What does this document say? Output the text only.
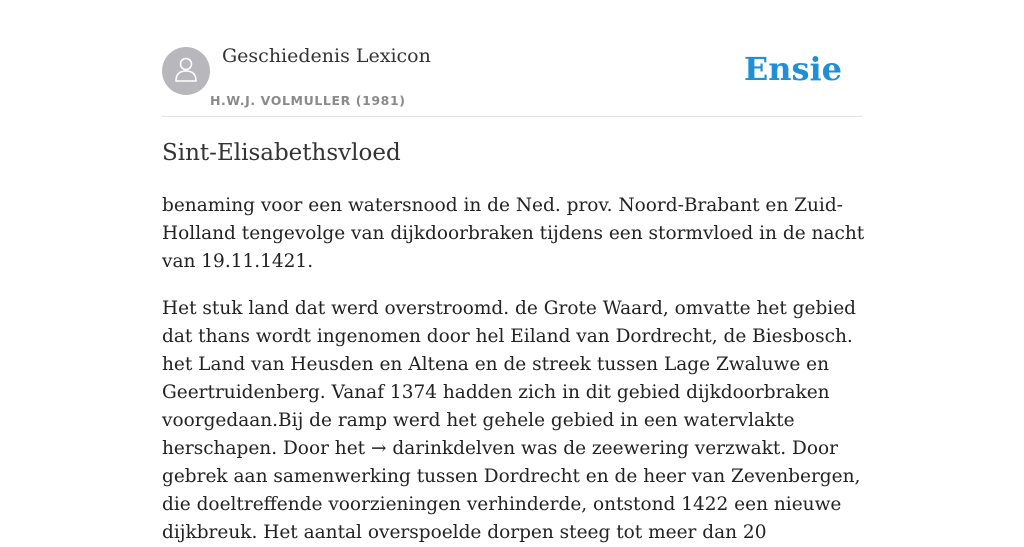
Geschiedenis Lexicon
H.W.J. VOLMULLER (1981)
Ensie
Sint-Elisabethsvloed

benaming voor een watersnood in de Ned. prov. Noord-Brabant en Zuid-Holland tengevolge van dijkdoorbraken tijdens een stormvloed in de nacht van 19.11.1421.

Het stuk land dat werd overstroomd. de Grote Waard, omvatte het gebied dat thans wordt ingenomen door hel Eiland van Dordrecht, de Biesbosch. het Land van Heusden en Altena en de streek tussen Lage Zwaluwe en Geertruidenberg. Vanaf 1374 hadden zich in dit gebied dijkdoorbraken voorgedaan.Bij de ramp werd het gehele gebied in een watervlakte herschapen. Door het → darinkdelven was de zeewering verzwakt. Door gebrek aan samenwerking tussen Dordrecht en de heer van Zevenbergen, die doeltreffende voorzieningen verhinderde, ontstond 1422 een nieuwe dijkbreuk. Het aantal overspoelde dorpen steeg tot meer dan 20
